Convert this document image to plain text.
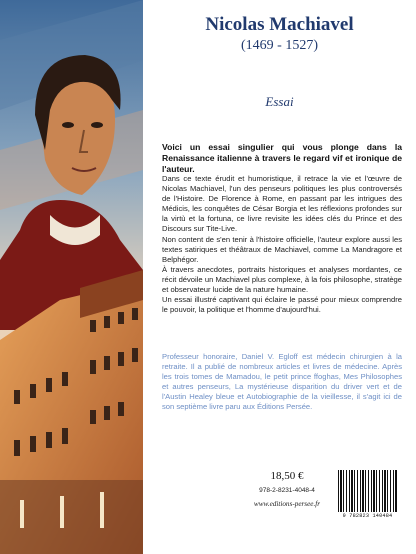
Nicolas Machiavel
(1469 - 1527)
Essai
Voici un essai singulier qui vous plonge dans la Renaissance italienne à travers le regard vif et ironique de l'auteur.

Dans ce texte érudit et humoristique, il retrace la vie et l'œuvre de Nicolas Machiavel, l'un des penseurs politiques les plus controversés de l'Histoire. De Florence à Rome, en passant par les intrigues des Médicis, les conquêtes de César Borgia et les réflexions profondes sur la virtù et la fortuna, ce livre revisite les idées clés du Prince et des Discours sur Tite-Live.

Non content de s'en tenir à l'histoire officielle, l'auteur explore aussi les textes satiriques et théâtraux de Machiavel, comme La Mandragore et Belphégor.

À travers anecdotes, portraits historiques et analyses mordantes, ce récit dévoile un Machiavel plus complexe, à la fois philosophe, stratège et observateur lucide de la nature humaine.

Un essai illustré captivant qui éclaire le passé pour mieux comprendre le pouvoir, la politique et l'homme d'aujourd'hui.

Professeur honoraire, Daniel V. Egloff est médecin chirurgien à la retraite. Il a publié de nombreux articles et livres de médecine. Après les trois tomes de Mamadou, le petit prince ffoghas, Mes Philosophes et autres penseurs, La mystérieuse disparition du driver vert et de l'Austin Healey bleue et Autobiographie de la vieillesse, il s'agit ici de son septième livre paru aux Éditions Persée.
18,50 €
978-2-8231-4048-4
www.editions-persee.fr
9 782823 140484
